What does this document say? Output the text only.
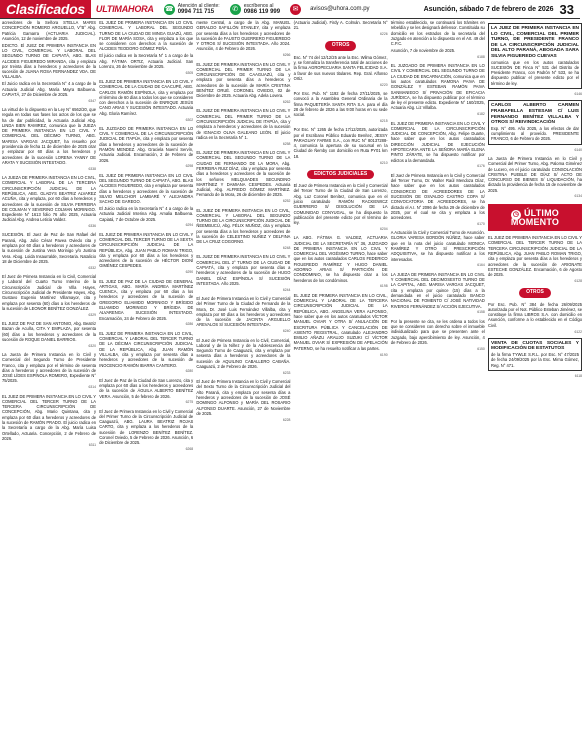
Clasificados	ULTIMAHORA ☎ Atención al cliente:
0994 711 715	✆	escríbenos al
0986 119 999	✉	avisos@uhora.com.py	Asunción, sábado 7 de febrero de 2026 33

acreedores de la Señora STELLA MARIS CONCEPCIÓN ROMERO ARGUELLO, V°B° Abg. Patricia Gamarra (ACTUARIA JUDICIAL). Asunción, 12 de noviembre de 2025.

EDICTO. El JUEZ DE PRIMERA INSTANCIA EN LO CIVIL, COMERCIAL Y LABORAL DEL SEGUNDO TURNO DE CAPIATÁ, ABG. BLAS ALCIDES FIGUEREDO MIRANDA, cita y emplaza por treinta días a herederos y acreedores de la sucesión de JUANA ROSA FERNANDEZ VDA. DE VILLALBA.

El Juicio radica en la Secretaría N° 4 a cargo de la Actuaria Judicial Abg. María Mayra Balbuena. CAPIATÁ, 27 de Diciembre de 2025.

6347

La virtud de lo dispuesto en la Ley N° 6562/20, que regula en todas sus fases los actos de los que se ha de dar publicidad, la Actuaria Judicial Abg. LINDA BIEN RAMIREZ, comunica que la JUEZA DE PRIMERA INSTANCIA EN LO CIVIL Y COMERCIAL DEL DÉCIMO TURNO, ABG. MARISA VARGAS JACQUET, ha resuelto por providencia de fecha 11 de diciembre de 2025 citar y emplazar por 60 días a los herederos y acreedores de la sucesión LORENA YANNY DE ARATA Y SUCESIÓN INTESTADO.

6338

LA JUEZA DE PRIMERA INSTANCIA EN LO CIVIL, COMERCIAL Y LABORAL DE LA TERCERA CIRCUNSCRIPCIÓN JUDICIAL DE LA REPÚBLICA, ABG. GLADYS BEATRIZ ALVAREZ ACUÑA, cita y emplaza, por 60 días a herederos y acreedores de la sucesión de SILVIA FERREIRA DE COLMAN Y SEVERINO COLMAN MORINIGO. Expediente N° 1613 folio 76 año 2025, Actuaria Judicial Abg. Andrea Leticia Valdez.

6336

SUCESIÓN. El Juez de Paz de San Rafael del Paraná, Abg. Julio César Pavea Oviedo cita y emplaza por 60 días a herederos y acreedores de la sucesión de Justina Vera Morinigo y/o Justina Vera. Abog. Loida Insaurralde, Secretaria. Natalicio 18 de Diciembre de 2025.

6332

El Juez de Primera Instancia en lo Civil, Comercial y Laboral del Cuarto Turno Interino de la Circunscripción Judicial de Villa Hayes, Circunscripción Judicial de Presidente Hayes, Abg. Gustavo Eugenio Martínez Villamayor, cita y emplaza por sesenta (60) días a los herederos de la sucesión de LEONOR BENÍTEZ GONZÁLEZ.

6329

EL JUEZ DE PAZ DE SAN ANTONIO, Abg. Beatriz Bazan de Acuña, CITA Y EMPLAZA, por sesenta (60) días a los herederos y acreedores de la sucesión de ROQUE DANIEL BARRIOS.

6320

La Jueza de Primera Instancia en lo Civil y Comercial del Segundo Turno de Presidente Franco, cita y emplaza por el término de sesenta días a herederos y acreedores de la sucesión de JOSÉ LÍDES ESPÍNOLA ROMERO, Expediente N° 75/2025.

6314

EL JUEZ DE PRIMERA INSTANCIA EN LO CIVIL Y COMERCIAL DEL TERCER TURNO DE LA TERCERA CIRCUNSCRIPCIÓN DE CONCEPCIÓN, Abg. Mario Quintana, cita y emplaza por 60 días a herederos y acreedores de la sucesión de RAMÓN PRADO. El juicio radica en la Secretaría a cargo de la Abg. María Luisa Ortellado, Actuaria. Concepción, 2 de Febrero de 2026.

6311

EL JUEZ DE PRIMERA INSTANCIA EN LO CIVIL COMERCIAL Y LABORAL DEL SEGUNDO TURNO DE LA CIUDAD DE MINGA GUAZÚ, ABG. FLOR DE MARÍA SOSA, cita y emplaza a los que se consideren con derechos a la sucesión de ALCIDES TEODORO GÓMEZ PEÑA.

El juicio radica en la Secretaría N° 1 a cargo de la Abg. FÁTIMA ORTIZ, Actuaria Judicial. San Lorenzo, 26 de Noviembre de 2025.

6305

EL JUEZ DE PRIMERA INSTANCIA EN LO CIVIL Y COMERCIAL DE LA CIUDAD DE CAACUPÉ, ABG. CARLOS RAMÓN ESPÍNOLA, cita y emplaza por el término de 60 días a todos los que se consideren con derechos a la sucesión de ENRIQUE JESÚS CANO ARIAS Y SUCESIÓN INTESTADO. Actuaria Abg. Gloria Ramírez.

6302

EL JUZGADO DE PRIMERA INSTANCIA EN LO CIVIL Y COMERCIAL DE LA CIRCUNSCRIPCIÓN JUDICIAL DE ITAPÚA, cita y emplaza por sesenta días a herederos y acreedores de la sucesión de RAMÓN MENDEZ. Abg. Graciela Noemí Servín, Actuaria Judicial. Encarnación, 2 de Febrero de 2026.

6298

EL JUEZ DE PRIMERA INSTANCIA EN LO CIVIL DEL SEGUNDO TURNO DE CAPIATÁ, ABG. BLAS ALCIDES FIGUEREDO, cita y emplaza por sesenta días a herederos y acreedores de la sucesión de SILVIO MELCHOR LAMBARÉ Y ALEJANDRA SACHO DE GAREGO.

El Juicio radica en la Secretaría N° 4 a cargo de la Actuaria Judicial Interina Abg. Amalia Balbuena. Capiatá, 7 de Octubre de 2025.

6294

EL JUEZ DE PRIMERA INSTANCIA EN LO CIVIL Y COMERCIAL DEL TERCER TURNO DE LA SEXTA CIRCUNSCRIPCIÓN JUDICIAL DE LA REPÚBLICA, Abg. JUAN PABLO ROMAN TRIGO, cita y emplaza por 60 días a los herederos y acreedores de la sucesión de HÉCTOR DIONÍ GIMÉNEZ CESPEDES.

6290

EL JUEZ DE PAZ DE LA CIUDAD DE GENERAL ARTIGAS, ABG. MARÍA ANDREA MARTÍNEZ CUENCA, cita y emplaza por 60 días a los herederos y acreedores de la sucesión de GREGORIO ELIAMIDO MORINIGO Y BRÍGIDO ELIAMIDO MORINIGO Y BRÍGIDA DE ALVARENGA SUCESIÓN INTESTADO. Encarnación, 24 de Febrero de 2026.

6286

EL JUEZ DE PRIMERA INSTANCIA EN LO CIVIL, COMERCIAL Y LABORAL DEL TERCER TURNO DE LA DÉCIMA CIRCUNSCRIPCIÓN JUDICIAL DE LA REPÚBLICA, Abg. JUAN RAMÓN VILLALBA, cita y emplaza por sesenta días a herederos y acreedores de la sucesión de INOCENCIO RAMÓN IBARRA CANTERO.

6280

El Juez de Paz de la Ciudad de San Lorenzo, cita y emplaza por 60 días a los herederos y acreedores de la sucesión de ÁGUILA ALBERTO BENÍTEZ VERA. Asunción, 5 de febrero de 2026.

6275

El Juez de Primera Instancia en lo Civil y Comercial del Primer Turno de la Circunscripción Judicial de Caaguazú, ABG. LAURA BEATRIZ ROJAS CARTO, cita y emplaza a los herederos de la sucesión de LORENZO BENÍTEZ BENÍTEZ. Coronel Oviedo, 5 de Febrero de 2026. Asunción, 6 de Diciembre de 2025.

6268

mente Central, a cargo de la Abg. MANUEL GERALDO SAFILLÓN STANLEY, cita y emplaza por sesenta días a los herederos y acreedores de la sucesión de FAUSTO GUERRERO FIGUEREDO Y OTROS S/ SUCESIÓN INTESTADA. Año 2024. Asunción, 4 de Febrero de 2026.

6266

EL JUEZ DE PRIMERA INSTANCIA EN LO CIVIL Y COMERCIAL DEL PRIMER TURNO DE LA CIRCUNSCRIPCIÓN DE CAAGUAZÚ, cita y emplaza por sesenta días a herederos y acreedores de la sucesión de MARÍA CRISTINA BENÍTEZ ORUÉ. CORONEL OVIEDO, 02 de Diciembre de 2025. Actuaria Abg. Adela Lovera.

6262

EL JUEZ DE PRIMERA INSTANCIA EN LO CIVIL Y COMERCIAL DEL PRIMER TURNO DE LA CIRCUNSCRIPCIÓN JUDICIAL DE ITAPÚA, cita y emplaza a herederos y acreedores de la sucesión de IGNACIO OLIVA GALEANO LEÓN. El juicio radica en la Secretaría N° 1.

6258

EL JUEZ DE PRIMERA INSTANCIA EN LO CIVIL Y COMERCIAL DEL SEGUNDO TURNO DE LA CIUDAD DE FERNANDO DE LA MORA, Abg. FERREIRA RUIZ DÍAZ, cita y emplaza por sesenta días a herederos y acreedores de la sucesión de los señores MELQUIADES SECUNDINO MARTÍNEZ Y DAMIANA CESPEDES. Actuaria Judicial, Abg. ALFREDO GÓMEZ MARTÍNEZ. Fernando de la Mora, 26 de diciembre de 2025.

6252

EL JUEZ DE PRIMERA INSTANCIA EN LO CIVIL, COMERCIAL Y LABORAL DEL SEGUNDO TURNO DE LA CIRCUNSCRIPCIÓN JUDICIAL DE ÑEEMBUCÚ, Abg. FÉLIX MUÑOZ, cita y emplaza por sesenta días a los herederos y acreedores de la sucesión de CELESTINO NUÑEZ Y DELFINA DE LA CRUZ COGORNO.

6248

EL JUEZ DE PRIMERA INSTANCIA EN LO CIVIL Y COMERCIAL DEL 2° TURNO DE LA CIUDAD DE CAPIATÁ, cita y emplaza por sesenta días a herederos y acreedores de la sucesión de HUGO DANIEL DÍAZ ESPÍNOLA S/ SUCESIÓN INTESTADA. Año 2025.

6244

El Juez de Primera Instancia en lo Civil y Comercial del Primer Turno de la Ciudad de Fernando de la Mora, Dr. José Luis Fernández Villalba, cita y emplaza por 60 días a los herederos y acreedores de la sucesión de JACINTA ARGUELLO AREVALOS S/ SUCESIÓN INTESTADA.

6240

El Juez de Primera Instancia en lo Civil, Comercial, Laboral y de la Niñez y de la Adolescencia del Segundo Turno de Caaguazú, cita y emplaza por sesenta días a herederos y acreedores de la sucesión de AQUILINO CABALLERO CABAÑA. Caaguazú, 2 de Febrero de 2026.

6233

El Juez de Primera Instancia en lo Civil y Comercial del Sexto Turno de la Circunscripción Judicial del Alto Paraná, cita y emplaza por sesenta días a herederos y acreedores de la sucesión de JOSÉ DOMINGO ALFONSO y MARÍA DEL ROSARIO ALFONSO DUARTE. Asunción, 27 de Noviembre de 2025.

6228

(Actuario Judicial). Firdy A. Colmán. Secretaría N° 21.

6226

OTROS

Esc. N° 74 del 12/12/25 ante la Esc. Wilma Gómez, y, se formaliza la transferencia total de acciones de la firma AGROPECUARIA SANTA FELICIDAD S.A. a favor de sus nuevos titulares. Rep. Gral. Alfonso Ortiz.

6220

Por Esc. Pub. N° 1192 de fecha 27/11/2025, se convocó a la Asamblea General Ordinaria de la firma PAQUETERÍA SANTA RITA S.A. para el día 28 de febrero de 2026 a las 9:00 horas en su sede social.

6215

Por Esc. N° 1265 de fecha 17/12/2025, autorizada por el Escribano Público Eduardo Benítez, JESSY PARAGUAY FARMS S.A., con RUC N° 80137288-4, comunica la apertura de su sucursal en la Ciudad de Ñemby con domicilio en Ruta PY01 km 18.

6210

EDICTOS JUDICIALES

El Juez de Primera Instancia en lo Civil y Comercial del Tercer Turno de la Ciudad de San Lorenzo, Abg. Luz Coronel Benítez, comunica que en el juicio caratulado RAMÓN RACKIEWICZ GUERRERO S/ DISOLUCIÓN DE LA COMUNIDAD CONYUGAL, se ha dispuesto la publicación del presente edicto por el término de ley.

6204

LA ABG. FÁTIMA G. VALDEZ, ACTUARIA JUDICIAL DE LA SECRETARÍA N° 36, JUZGADO DE PRIMERA INSTANCIA EN LO CIVIL Y COMERCIAL DEL VIGÉSIMO TURNO, hace saber que en los autos caratulados CARLOS FEDERICO FIGUEREDO RAMÍREZ Y HUGO DANIEL ADORNO ARIAS S/ PARTICIÓN DE CONDOMINIO, se ha dispuesto citar a los herederos de los condóminos.

6198

EL JUEZ DE PRIMERA INSTANCIA EN LO CIVIL, COMERCIAL Y LABORAL DE LA TERCERA CIRCUNSCRIPCIÓN JUDICIAL DE LA REPÚBLICA, ABG. ANGELINA VERA ALFONSO, hace saber que en los autos caratulados VÍCTOR MANUEL OVIAR Y OTRA S/ ANULACIÓN DE ESCRITURA PÚBLICA Y CANCELACIÓN DE ASIENTO REGISTRAL, caratulado ALEJANDRO EMILIO AÑAZU ARAUJO SUZUKI C/ VÍCTOR MANUEL OVIAR S/ EXPRESIÓN DE APELACIÓN PATERNO, se ha resuelto notificar a las partes.

6190

término establecido, se continuará los trámites en rebeldía y se les designará defensor. Constituida su domicilio en los estrados de la secretaría del Juzgado en atención a lo dispuesto en el Art. 49 del C.P.C.

Asunción, 7 de noviembre de 2025.

6188

EL JUZGADO DE PRIMERA INSTANCIA EN LO CIVIL Y COMERCIAL DEL SEGUNDO TURNO DE LA CIUDAD DE ENCARNACIÓN, comunica que en los autos caratulados RAMONA PAIVA DE GONZÁLEZ Y ESTEBAN RAMÓN PAIVA SANMANIEGO S/ PRIVACIÓN DE EFICACIA JURÍDICA, se ha dispuesto publicar por el término de ley el presente edicto. Expediente N° 160/2025, Actuaria Abg. Liz Villalba.

6182

EL JUEZ DE PRIMERA INSTANCIA EN LO CIVIL Y COMERCIAL DE LA CIRCUNSCRIPCIÓN JUDICIAL DE CONCEPCIÓN, Abg. Felipe Duarte, hace saber que en los autos caratulados DIRECCIÓN JUDICIAL DE EJECUCIÓN HIPOTECARIA ANTE LA SEÑORA MARÍA ELENA PINTO ZÁRATE, se ha dispuesto notificar por edictos a la demandada.

6176

El Juez de Primera Instancia en lo Civil y Comercial del Tercer Turno, Dr. Walter Raúl Mendoza Díaz, hace saber que en los autos caratulados CONSORCIO DE ACREEDORES DE LA SUCESIÓN DE OSVALDO CASTRO COPA S/ CONVOCATORIA DE ACREEDORES, se ha dictado el A.I. N° 2096 de fecha 29 de diciembre de 2025, por el cual se cita y emplaza a los acreedores.

6170

A Actuación la Civil y Comercial Turno de Asunción. GLORIA VARESA BORDÓN NÚÑEZ, hace saber que en la nota del juicio caratulado MONICA RAMÍREZ Y OTRO S/ PRESCRIPCIÓN ADQUISITIVA, se ha dispuesto notificar a los interesados.

6164

LA JUEZA DE PRIMERA INSTANCIA EN LO CIVIL Y COMERCIAL DEL DECIMOSEXTO TURNO DE LA CAPITAL, ABG. MARISA VARGAS JACQUET, cita y emplaza por quince (15) días a la demandada en el juicio caratulado BANCO NACIONAL DE FOMENTO C/ JOSÉ NATIVIDAD RIVEROS FERNÁNDEZ S/ ACCIÓN EJECUTIVA.

6158

Por la presente se cita, se les ordena a todos los que se consideren con derecho sobre el inmueble individualizado para que se presenten ante el Juzgado, bajo apercibimiento de ley. Asunción, 4 de Febrero de 2026.

6150

LA JUEZ DE PRIMERA INSTANCIA EN LO CIVIL, COMERCIAL DEL PRIMER TURNO, DE PRESIDENTE FRANCO DE LA CIRCUNSCRIPCIÓN JUDICIAL DEL ALTO PARANÁ, ABOGADA SARA SILVIA FIGUEREDO CUEVAS
comunica que en los autos caratulados SUCESIÓN DE Finca N° 531 del Distrito de Presidente Franco, con Padrón N° 533, se ha dispuesto publicar el presente edicto por el término de ley.

6146

CARLOS ALBERTO CARMEN FRABAFELLA ESTESAM C/ LUIS FERNANDO BENÍTEZ VILLALBA Y OTROS S/ REIVINDICACIÓN
Exp. N° 495. Año 2025, a los efectos de dar cumplimiento al proveído. PRESIDENTE FRANCO, 6 de Febrero de 2026.

6140

La Jueza de Primera Instancia en lo Civil y Comercial del Primer Turno, Abg. Paloma Giménez de Lucero, en el juicio caratulado CONSOLACIÓN CRISTINA PUEBLE DE DÍAZ S/ ACTO DE CONCURSO DE BIENES S/ LIQUIDACIÓN, ha dictado la providencia de fecha 15 de noviembre de 2025.

6134

◷ ÚLTIMO MOMENTO

EL JUEZ DE PRIMERA INSTANCIA EN LO CIVIL Y COMERCIAL DEL TERCER TURNO DE LA TERCERA CIRCUNSCRIPCIÓN JUDICIAL DE LA REPÚBLICA, Abg. JUAN PABLO ROMAN TRIGO, cita y emplaza por sesenta días a los herederos y acreedores de la sucesión de ARIGNATE ESTECHE GONZÁLEZ. Encarnación, 6 de Agosto de 2025.

6128

OTROS

Por Esc. Pub. N° 384 de fecha 26/09/2025 autorizada por el Not. Público Esteban Jiménez, se constituye la firma LIBROS S.A. con domicilio en Asunción, conforme a lo establecido en el Código Civil.

6122

VENTA DE CUOTAS SOCIALES Y MODIFICACIÓN DE ESTATUTOS
de la firma TYWLE S.R.L. por Esc. N° 47/2025 de fecha 24/09/2025 por la Esc. Mirna Gómez, Reg. N° 471.

6118
